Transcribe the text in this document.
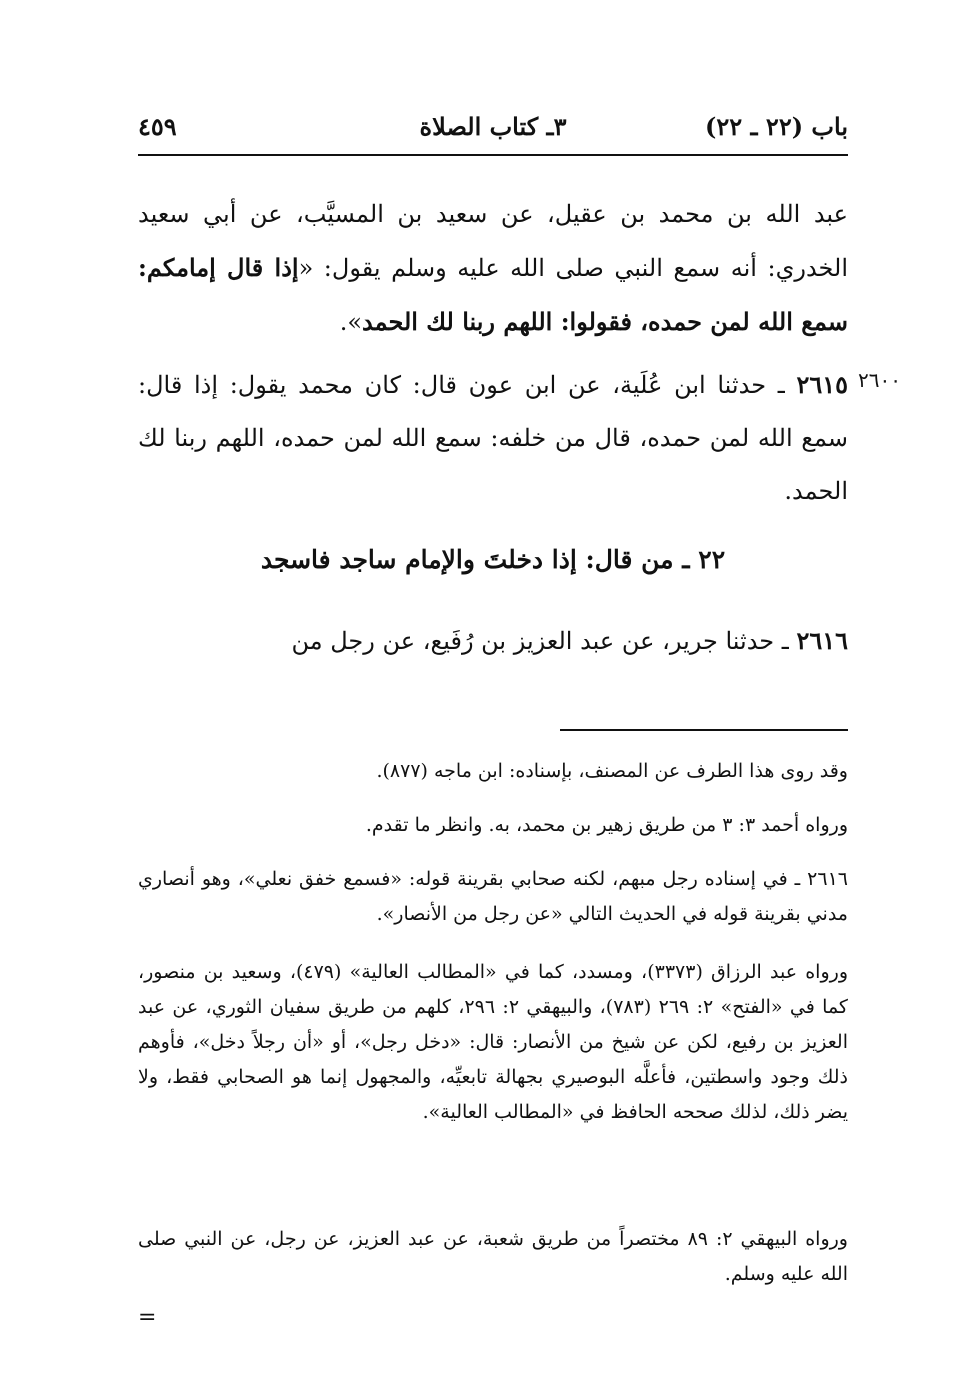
باب (٢٢ ـ ٢٢)
٣ـ كتاب الصلاة
٤٥٩
عبد الله بن محمد بن عقيل، عن سعيد بن المسيَّب، عن أبي سعيد الخدري: أنه سمع النبي صلى الله عليه وسلم يقول: «إذا قال إمامكم: سمع الله لمن حمده، فقولوا: اللهم ربنا لك الحمد».
٢٦٠٠
٢٦١٥ ـ حدثنا ابن عُلَية، عن ابن عون قال: كان محمد يقول: إذا قال: سمع الله لمن حمده، قال من خلفه: سمع الله لمن حمده، اللهم ربنا لك الحمد.
٢٢ ـ من قال: إذا دخلتَ والإمام ساجد فاسجد
٢٦١٦ ـ حدثنا جرير، عن عبد العزيز بن رُفَيع، عن رجل من
وقد روى هذا الطرف عن المصنف، بإسناده: ابن ماجه (٨٧٧).
ورواه أحمد ٣: ٣ من طريق زهير بن محمد، به. وانظر ما تقدم.
٢٦١٦ ـ في إسناده رجل مبهم، لكنه صحابي بقرينة قوله: «فسمع خفق نعلي»، وهو أنصاري مدني بقرينة قوله في الحديث التالي «عن رجل من الأنصار».
ورواه عبد الرزاق (٣٣٧٣)، ومسدد، كما في «المطالب العالية» (٤٧٩)، وسعيد بن منصور، كما في «الفتح» ٢: ٢٦٩ (٧٨٣)، والبيهقي ٢: ٢٩٦، كلهم من طريق سفيان الثوري، عن عبد العزيز بن رفيع، لكن عن شيخ من الأنصار: قال: «دخل رجل»، أو «أن رجلاً دخل»، فأوهم ذلك وجود واسطتين، فأعلَّه البوصيري بجهالة تابعيِّه، والمجهول إنما هو الصحابي فقط، ولا يضر ذلك، لذلك صححه الحافظ في «المطالب العالية».
ورواه البيهقي ٢: ٨٩ مختصراً من طريق شعبة، عن عبد العزيز، عن رجل، عن النبي صلى الله عليه وسلم.
=
